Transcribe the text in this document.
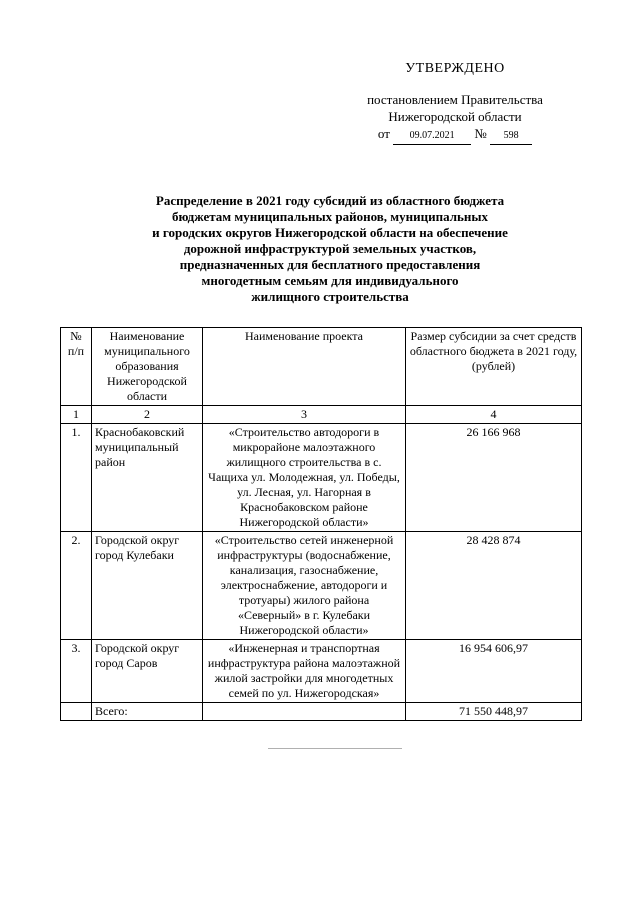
УТВЕРЖДЕНО
постановлением Правительства
Нижегородской области
от 09.07.2021 № 598
Распределение в 2021 году субсидий из областного бюджета
бюджетам муниципальных районов, муниципальных
и городских округов Нижегородской области на обеспечение
дорожной инфраструктурой земельных участков,
предназначенных для бесплатного предоставления
многодетным семьям для индивидуального
жилищного строительства
№ п/п	Наименование муниципального образования Нижегородской области	Наименование проекта	Размер субсидии за счет средств областного бюджета в 2021 году, (рублей)
1	2	3	4
1.	Краснобаковский муниципальный район	«Строительство автодороги в микрорайоне малоэтажного жилищного строительства в с. Чащиха ул. Молодежная, ул. Победы, ул. Лесная, ул. Нагорная в Краснобаковском районе Нижегородской области»	26 166 968
2.	Городской округ город Кулебаки	«Строительство сетей инженерной инфраструктуры (водоснабжение, канализация, газоснабжение, электроснабжение, автодороги и тротуары) жилого района «Северный» в г. Кулебаки Нижегородской области»	28 428 874
3.	Городской округ город Саров	«Инженерная и транспортная инфраструктура района малоэтажной жилой застройки для многодетных семей по ул. Нижегородская»	16 954 606,97
	Всего:		71 550 448,97
